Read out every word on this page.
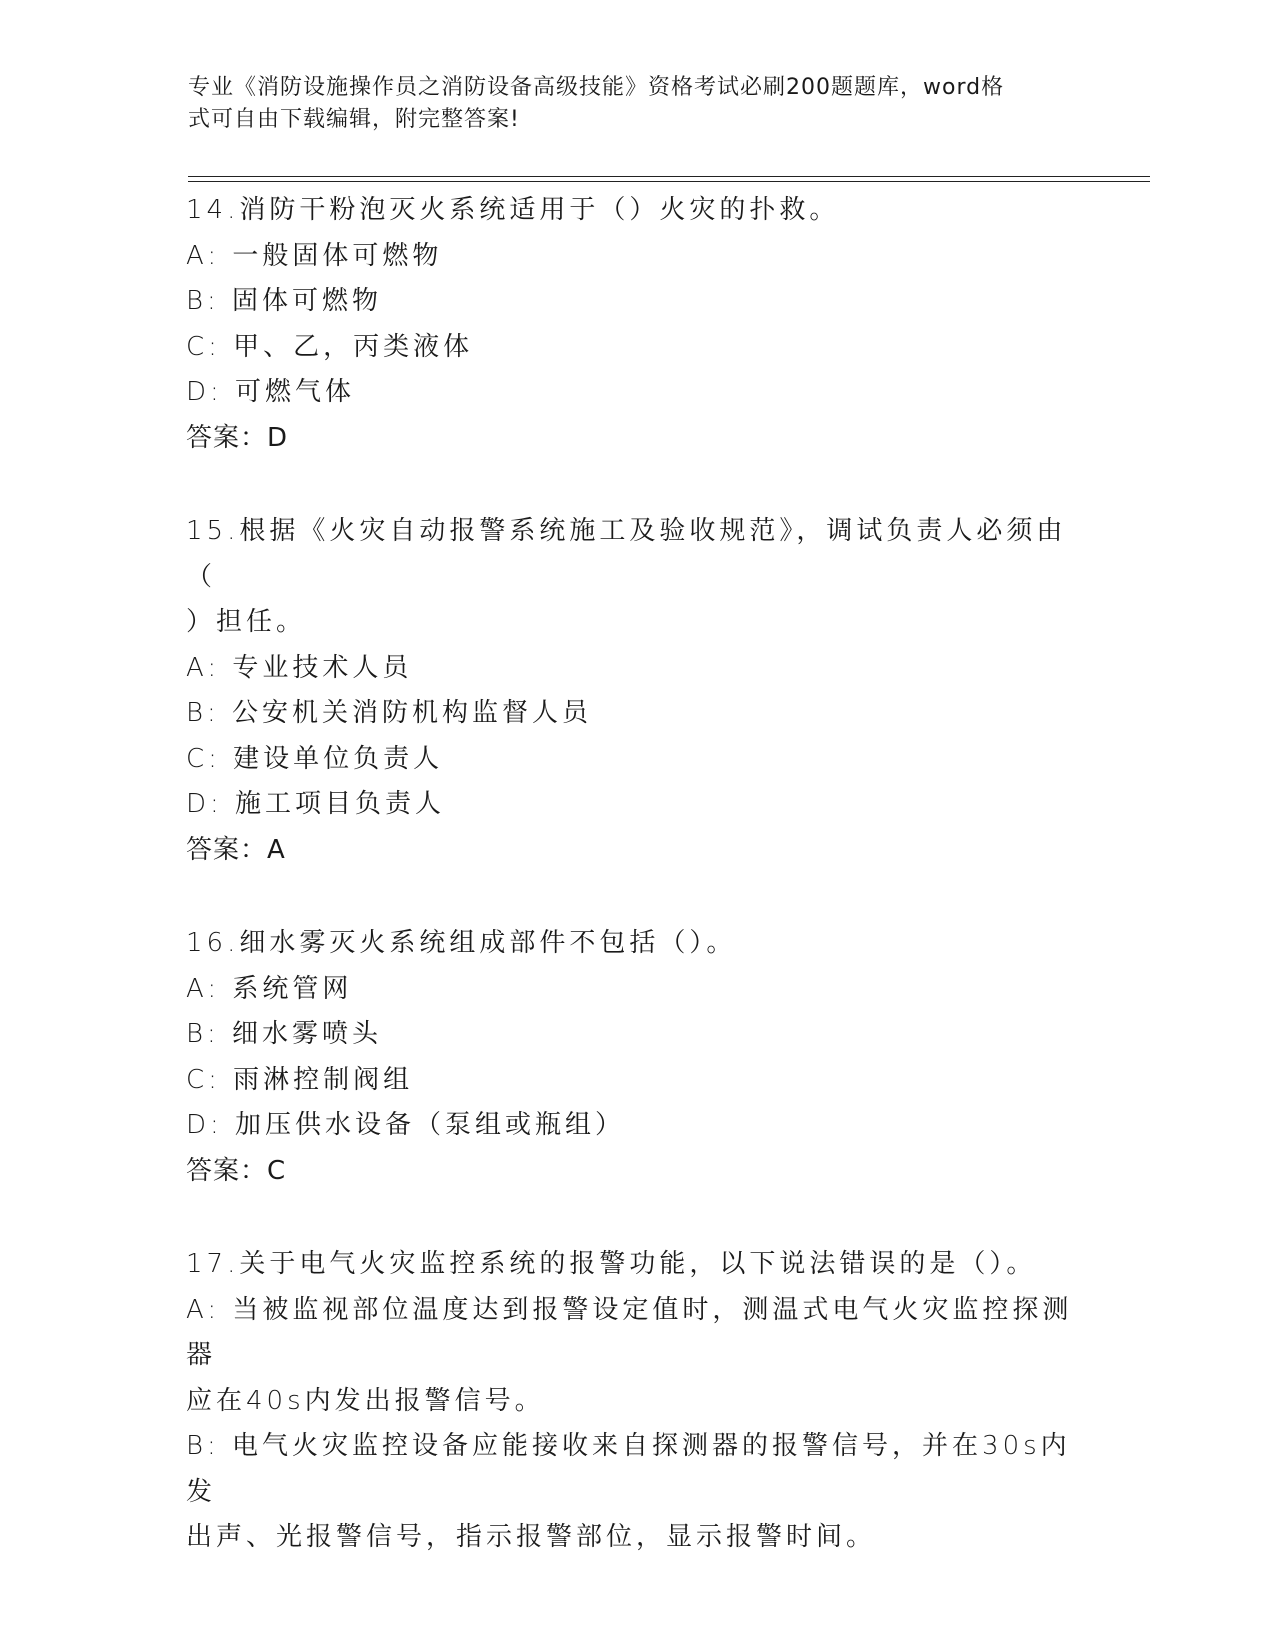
专业《消防设施操作员之消防设备高级技能》资格考试必刷200题题库，word格
式可自由下载编辑，附完整答案!
14.消防干粉泡灭火系统适用于（）火灾的扑救。
A: 一般固体可燃物
B: 固体可燃物
C: 甲、乙，丙类液体
D: 可燃气体
答案：D
15.根据《火灾自动报警系统施工及验收规范》，调试负责人必须由（
）担任。
A: 专业技术人员
B: 公安机关消防机构监督人员
C: 建设单位负责人
D: 施工项目负责人
答案：A
16.细水雾灭火系统组成部件不包括（）。
A: 系统管网
B: 细水雾喷头
C: 雨淋控制阀组
D: 加压供水设备（泵组或瓶组）
答案：C
17.关于电气火灾监控系统的报警功能，以下说法错误的是（）。
A: 当被监视部位温度达到报警设定值时，测温式电气火灾监控探测器
应在40s内发出报警信号。
B: 电气火灾监控设备应能接收来自探测器的报警信号，并在30s内发
出声、光报警信号，指示报警部位，显示报警时间。
